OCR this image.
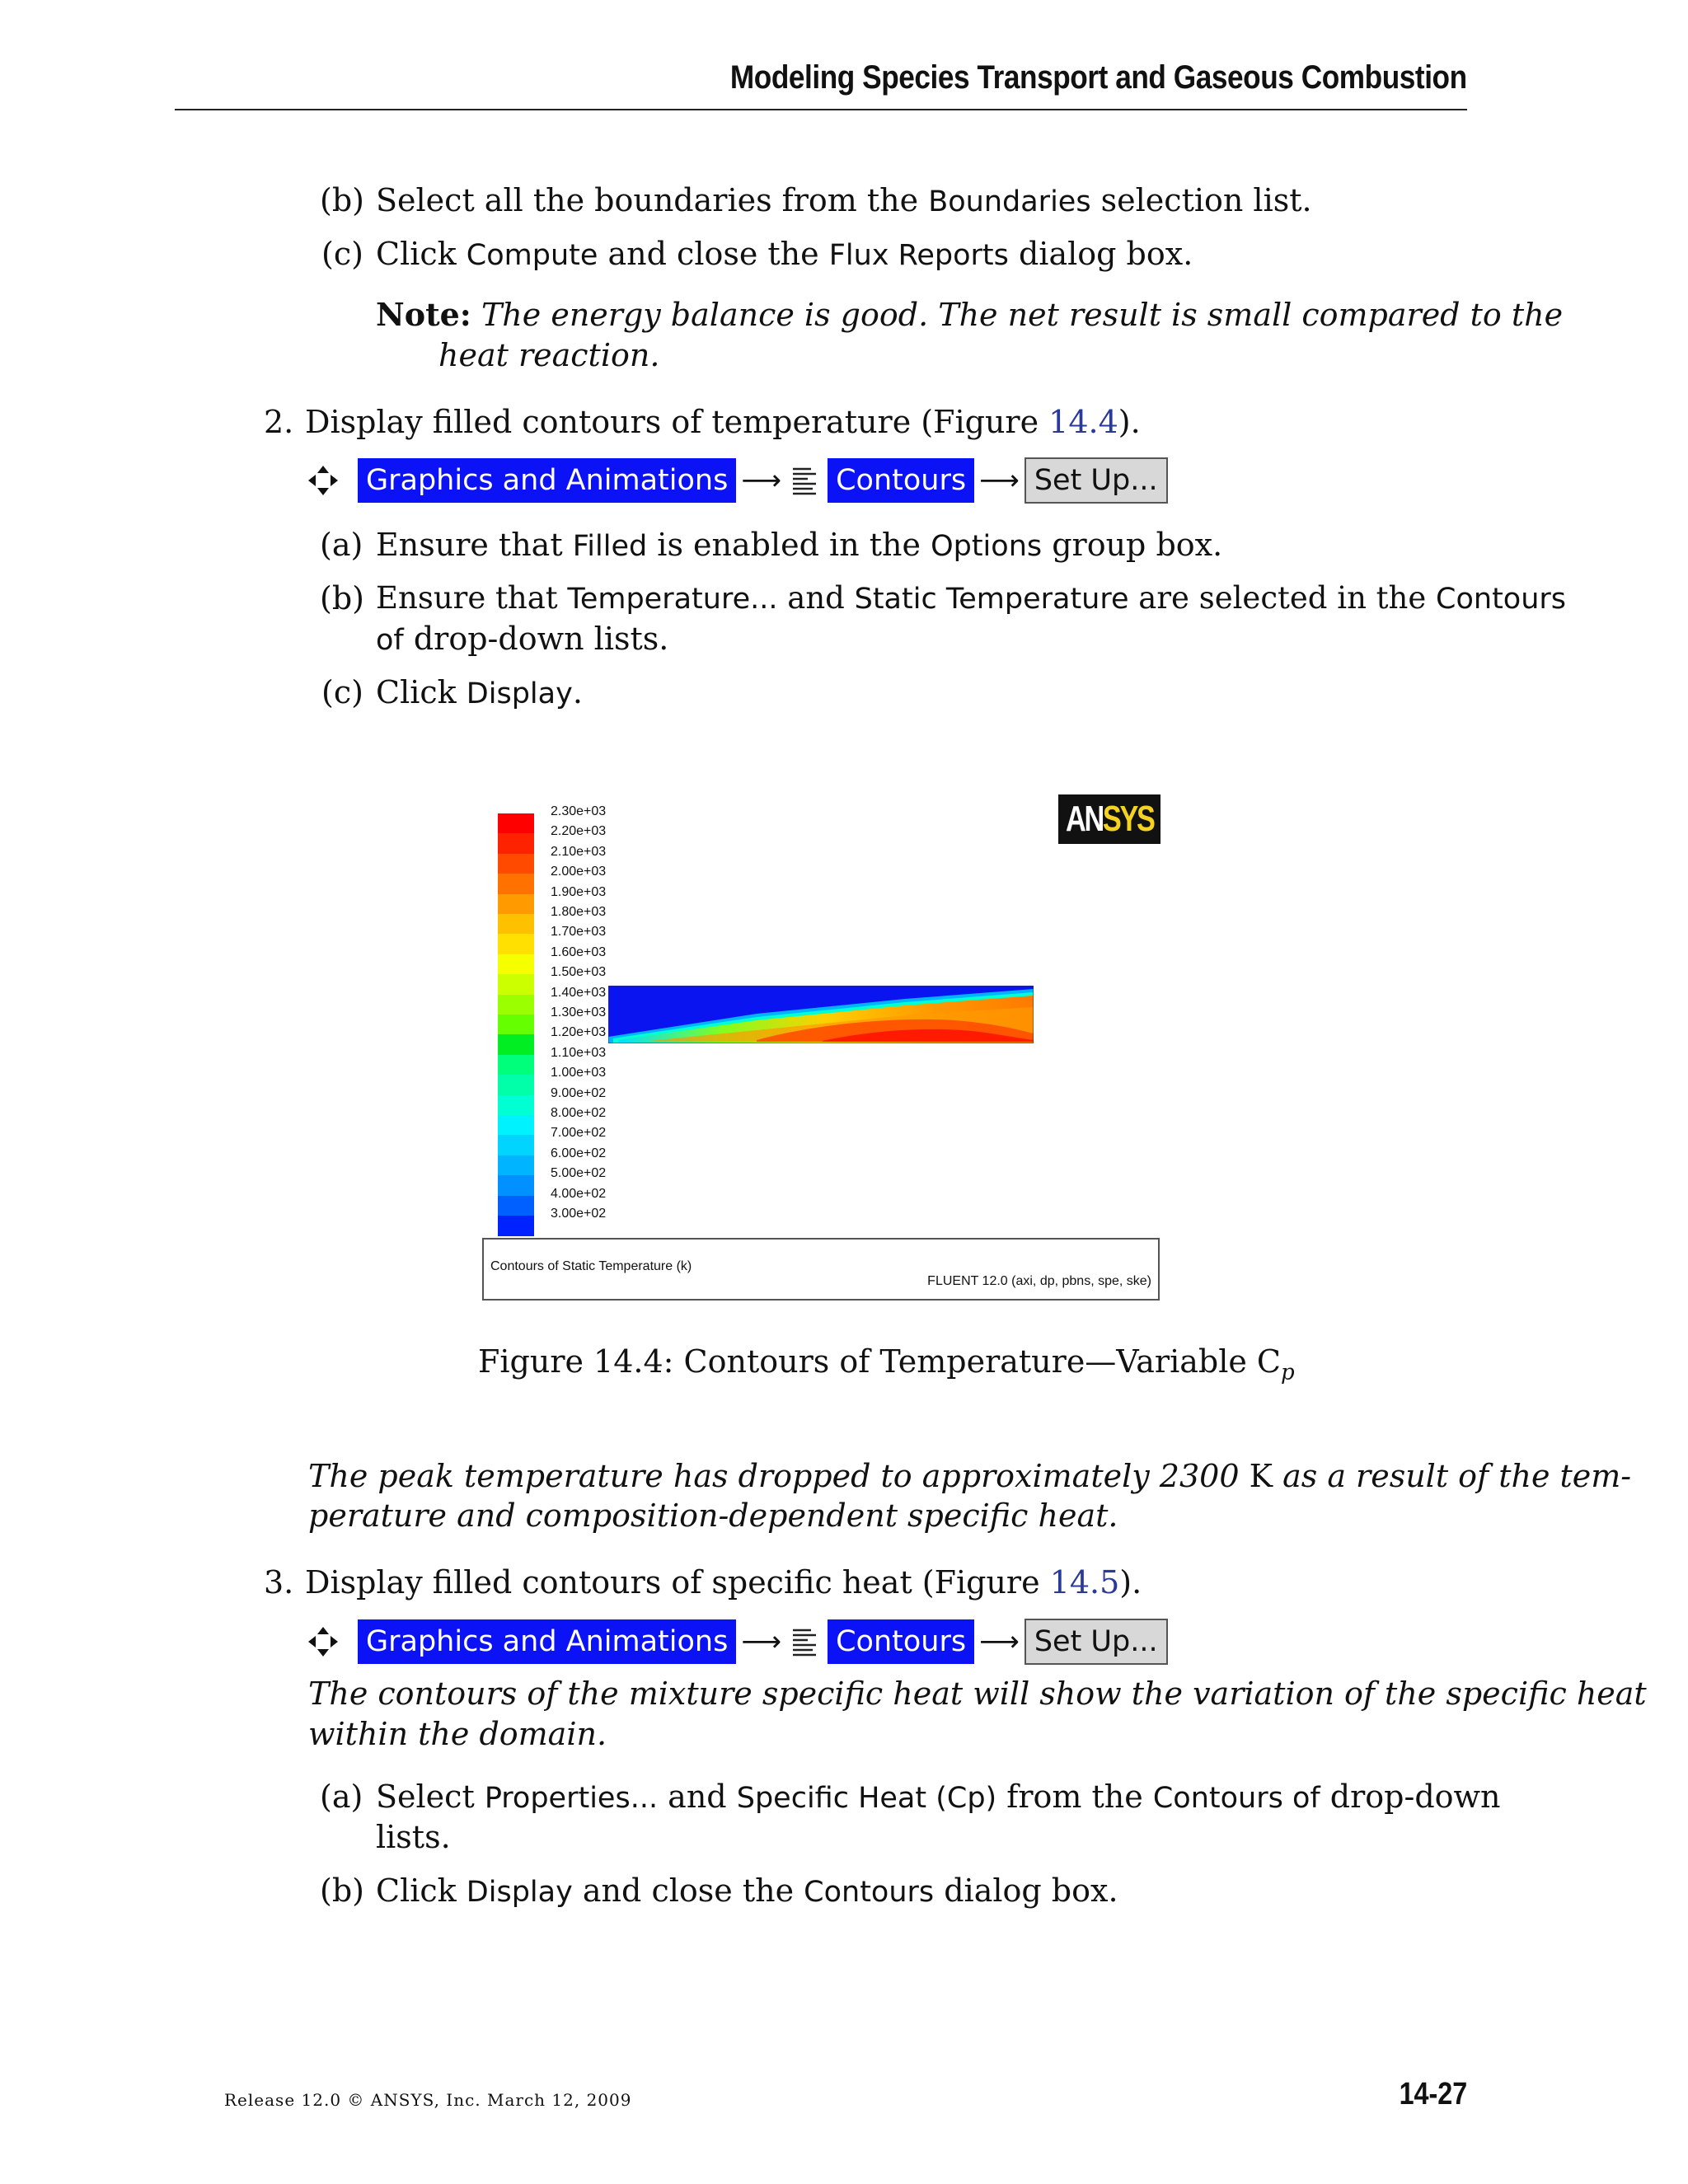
Modeling Species Transport and Gaseous Combustion
(b) Select all the boundaries from the Boundaries selection list.
(c) Click Compute and close the Flux Reports dialog box.
Note: The energy balance is good. The net result is small compared to the
heat reaction.
2. Display filled contours of temperature (Figure 14.4).
Graphics and Animations ⟶ Contours ⟶ Set Up...
(a) Ensure that Filled is enabled in the Options group box.
(b) Ensure that Temperature... and Static Temperature are selected in the Contours
of drop-down lists.
(c) Click Display.
2.30e+03
2.20e+03
2.10e+03
2.00e+03
1.90e+03
1.80e+03
1.70e+03
1.60e+03
1.50e+03
1.40e+03
1.30e+03
1.20e+03
1.10e+03
1.00e+03
9.00e+02
8.00e+02
7.00e+02
6.00e+02
5.00e+02
4.00e+02
3.00e+02
ANSYS
Contours of Static Temperature (k)
FLUENT 12.0 (axi, dp, pbns, spe, ske)
Figure 14.4: Contours of Temperature—Variable $C_p$
The peak temperature has dropped to approximately 2300 K as a result of the tem-
perature and composition-dependent specific heat.
3. Display filled contours of specific heat (Figure 14.5).
Graphics and Animations ⟶ Contours ⟶ Set Up...
The contours of the mixture specific heat will show the variation of the specific heat
within the domain.
(a) Select Properties... and Specific Heat (Cp) from the Contours of drop-down
lists.
(b) Click Display and close the Contours dialog box.
Release 12.0 © ANSYS, Inc. March 12, 2009	14-27
